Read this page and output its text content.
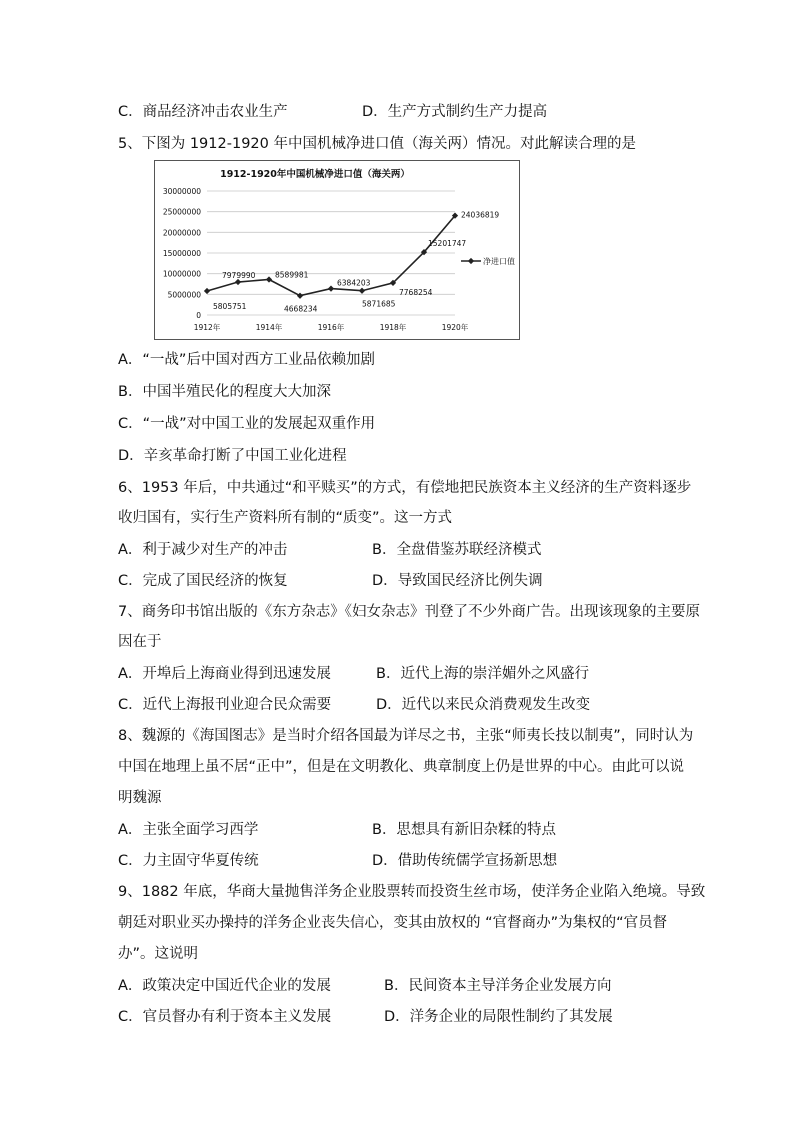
C．商品经济冲击农业生产	D．生产方式制约生产力提高
5、下图为 1912-1920 年中国机械净进口值（海关两）情况。对此解读合理的是
1912-1920年中国机械净进口值（海关两）
30000000
25000000
20000000
15000000
10000000
5000000
0
1912年	1914年	1916年	1918年	1920年
5805751
7979990	8589981
4668234
6384203
5871685
7768254
15201747
24036819
净进口值
A．“一战”后中国对西方工业品依赖加剧
B．中国半殖民化的程度大大加深
C．“一战”对中国工业的发展起双重作用
D．辛亥革命打断了中国工业化进程
6、1953 年后，中共通过“和平赎买”的方式，有偿地把民族资本主义经济的生产资料逐步
收归国有，实行生产资料所有制的“质变”。这一方式
A．利于减少对生产的冲击	B．全盘借鉴苏联经济模式
C．完成了国民经济的恢复	D．导致国民经济比例失调
7、商务印书馆出版的《东方杂志》《妇女杂志》刊登了不少外商广告。出现该现象的主要原
因在于
A．开埠后上海商业得到迅速发展	B．近代上海的崇洋媚外之风盛行
C．近代上海报刊业迎合民众需要	D．近代以来民众消费观发生改变
8、魏源的《海国图志》是当时介绍各国最为详尽之书，主张“师夷长技以制夷”，同时认为
中国在地理上虽不居“正中”，但是在文明教化、典章制度上仍是世界的中心。由此可以说
明魏源
A．主张全面学习西学	B．思想具有新旧杂糅的特点
C．力主固守华夏传统	D．借助传统儒学宣扬新思想
9、1882 年底，华商大量抛售洋务企业股票转而投资生丝市场，使洋务企业陷入绝境。导致
朝廷对职业买办操持的洋务企业丧失信心，变其由放权的 “官督商办”为集权的“官员督
办”。这说明
A．政策决定中国近代企业的发展	B．民间资本主导洋务企业发展方向
C．官员督办有利于资本主义发展	D．洋务企业的局限性制约了其发展
